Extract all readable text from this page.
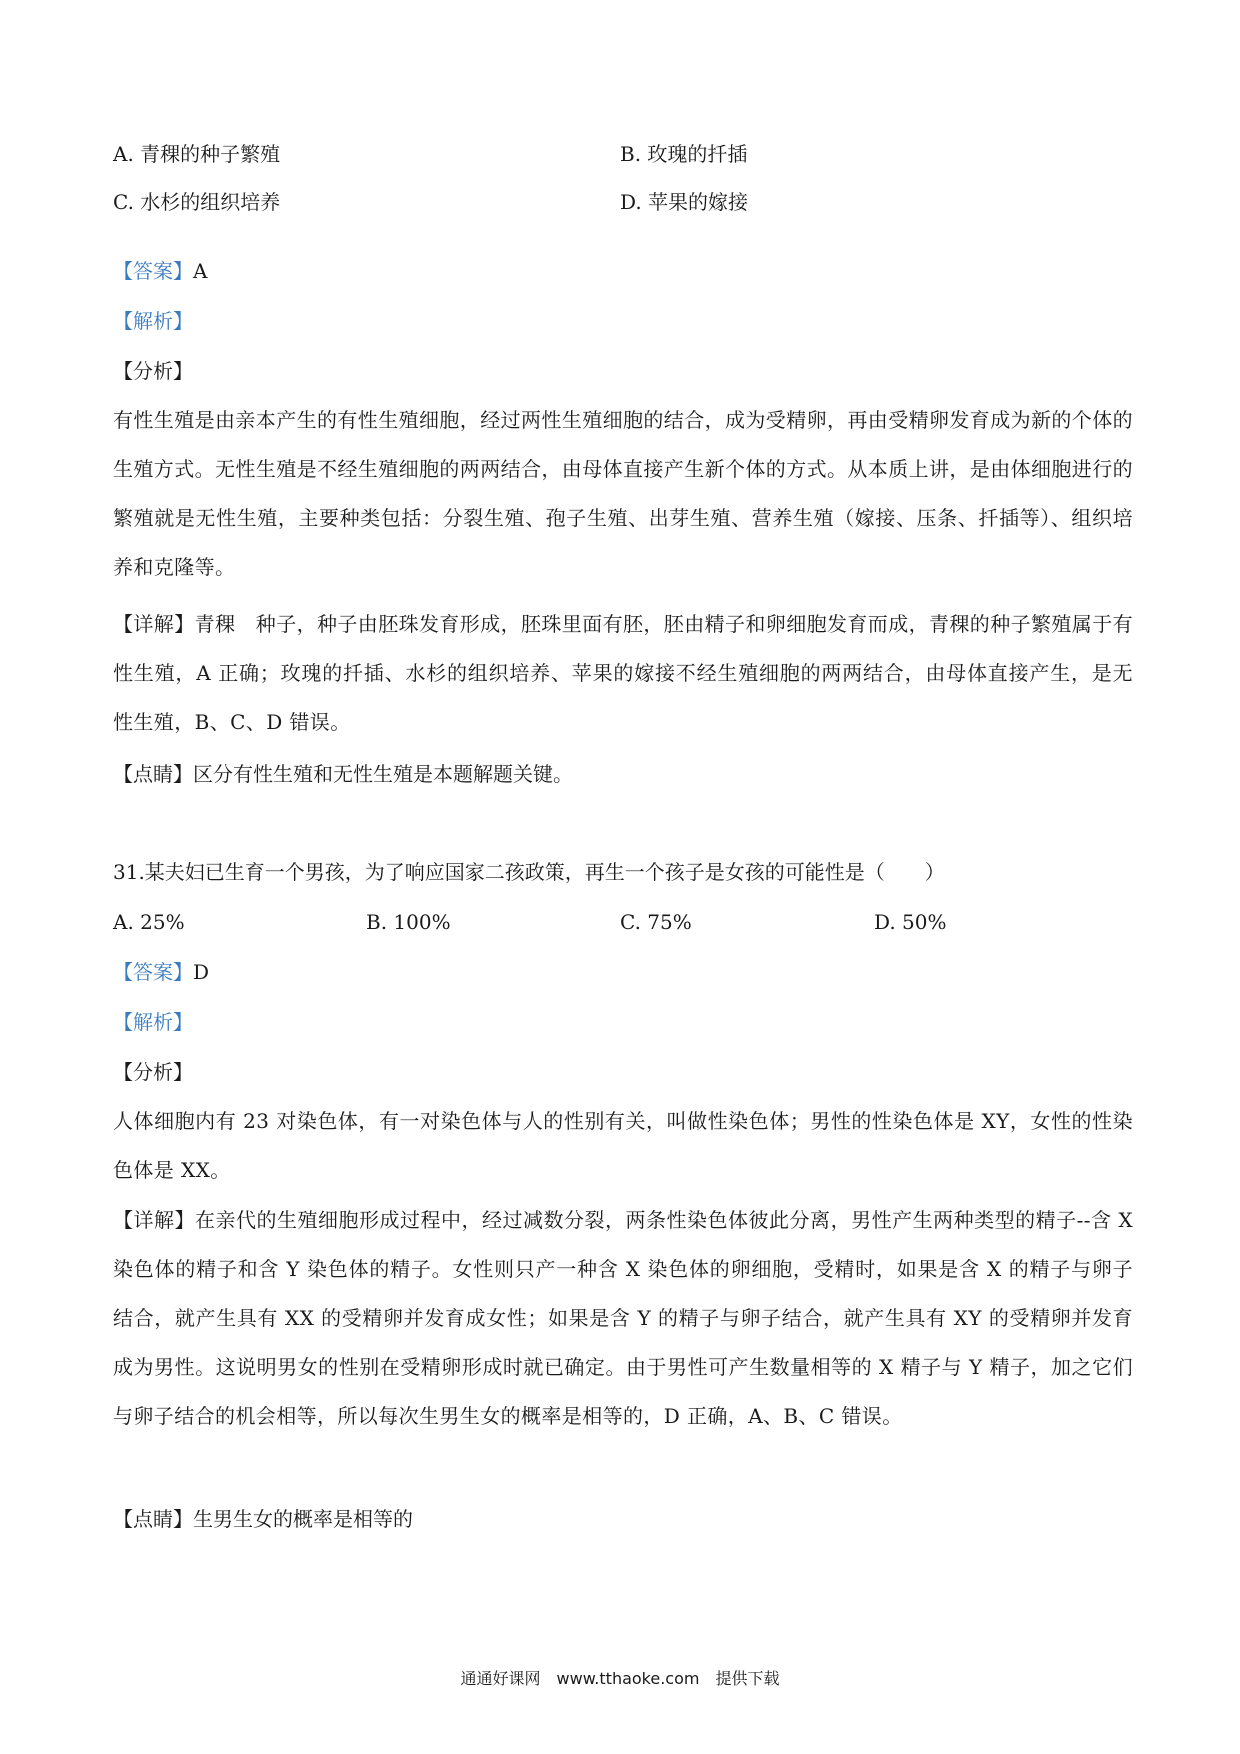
A. 青稞的种子繁殖	B. 玫瑰的扦插
C. 水杉的组织培养	D. 苹果的嫁接
【答案】A
【解析】
【分析】
有性生殖是由亲本产生的有性生殖细胞，经过两性生殖细胞的结合，成为受精卵，再由受精卵发育成为新的个体的生殖方式。无性生殖是不经生殖细胞的两两结合，由母体直接产生新个体的方式。从本质上讲，是由体细胞进行的繁殖就是无性生殖，主要种类包括：分裂生殖、孢子生殖、出芽生殖、营养生殖（嫁接、压条、扦插等）、组织培养和克隆等。
【详解】青稞　种子，种子由胚珠发育形成，胚珠里面有胚，胚由精子和卵细胞发育而成，青稞的种子繁殖属于有性生殖，A 正确；玫瑰的扦插、水杉的组织培养、苹果的嫁接不经生殖细胞的两两结合，由母体直接产生，是无性生殖，B、C、D 错误。
【点睛】区分有性生殖和无性生殖是本题解题关键。
31.某夫妇已生育一个男孩，为了响应国家二孩政策，再生一个孩子是女孩的可能性是（　　）
A. 25%	B. 100%	C. 75%	D. 50%
【答案】D
【解析】
【分析】
人体细胞内有 23 对染色体，有一对染色体与人的性别有关，叫做性染色体；男性的性染色体是 XY，女性的性染色体是 XX。
【详解】在亲代的生殖细胞形成过程中，经过减数分裂，两条性染色体彼此分离，男性产生两种类型的精子--含 X 染色体的精子和含 Y 染色体的精子。女性则只产一种含 X 染色体的卵细胞，受精时，如果是含 X 的精子与卵子结合，就产生具有 XX 的受精卵并发育成女性；如果是含 Y 的精子与卵子结合，就产生具有 XY 的受精卵并发育成为男性。这说明男女的性别在受精卵形成时就已确定。由于男性可产生数量相等的 X 精子与 Y 精子，加之它们与卵子结合的机会相等，所以每次生男生女的概率是相等的，D 正确，A、B、C 错误。
【点睛】生男生女的概率是相等的
通通好课网　www.tthaoke.com　提供下载
